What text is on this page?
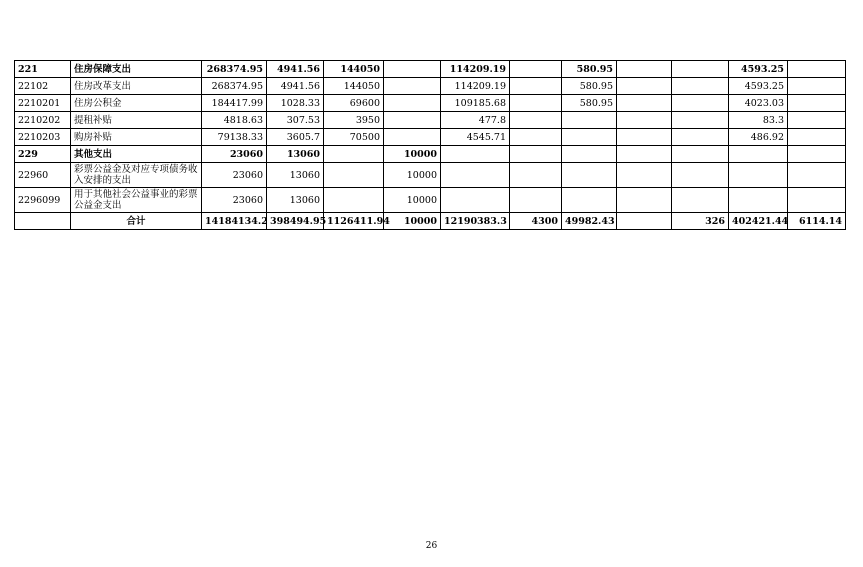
221	住房保障支出	268374.95	4941.56	144050		114209.19		580.95			4593.25	
22102	住房改革支出	268374.95	4941.56	144050		114209.19		580.95			4593.25	
2210201	住房公积金	184417.99	1028.33	69600		109185.68		580.95			4023.03	
2210202	提租补贴	4818.63	307.53	3950		477.8					83.3	
2210203	购房补贴	79138.33	3605.7	70500		4545.71					486.92	
229	其他支出	23060	13060		10000							
22960	彩票公益金及对应专项债务收入安排的支出	23060	13060		10000							
2296099	用于其他社会公益事业的彩票公益金支出	23060	13060		10000							
	合计	14184134.2	398494.95	1126411.94	10000	12190383.3	4300	49982.43		326	402421.44	6114.14
26
